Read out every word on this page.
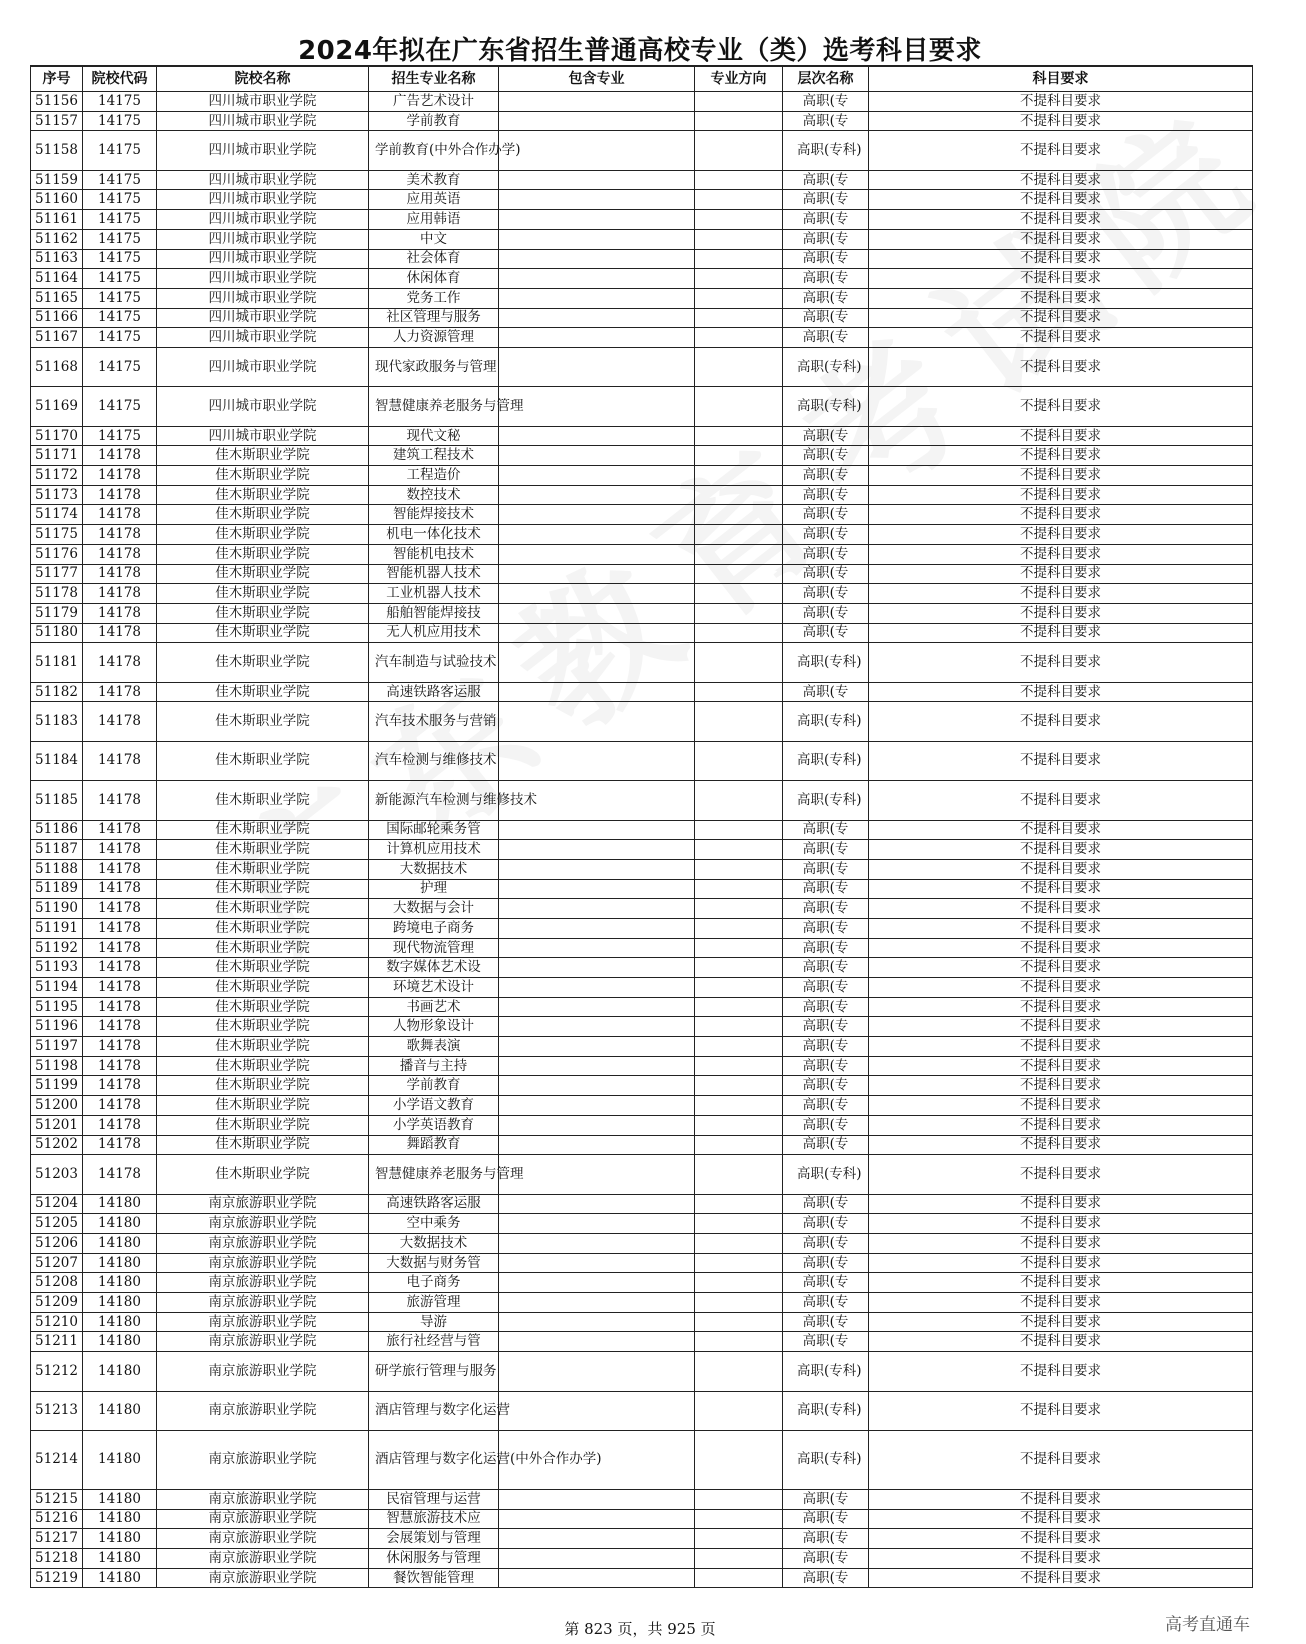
2024年拟在广东省招生普通高校专业（类）选考科目要求
序号	院校代码	院校名称	招生专业名称	包含专业	专业方向	层次名称	科目要求
51156	14175	四川城市职业学院	广告艺术设计			高职(专	不提科目要求
51157	14175	四川城市职业学院	学前教育			高职(专	不提科目要求
51158	14175	四川城市职业学院	学前教育(中外合作办学)			高职(专科)	不提科目要求
51159	14175	四川城市职业学院	美术教育			高职(专	不提科目要求
51160	14175	四川城市职业学院	应用英语			高职(专	不提科目要求
51161	14175	四川城市职业学院	应用韩语			高职(专	不提科目要求
51162	14175	四川城市职业学院	中文			高职(专	不提科目要求
51163	14175	四川城市职业学院	社会体育			高职(专	不提科目要求
51164	14175	四川城市职业学院	休闲体育			高职(专	不提科目要求
51165	14175	四川城市职业学院	党务工作			高职(专	不提科目要求
51166	14175	四川城市职业学院	社区管理与服务			高职(专	不提科目要求
51167	14175	四川城市职业学院	人力资源管理			高职(专	不提科目要求
51168	14175	四川城市职业学院	现代家政服务与管理			高职(专科)	不提科目要求
51169	14175	四川城市职业学院	智慧健康养老服务与管理			高职(专科)	不提科目要求
51170	14175	四川城市职业学院	现代文秘			高职(专	不提科目要求
51171	14178	佳木斯职业学院	建筑工程技术			高职(专	不提科目要求
51172	14178	佳木斯职业学院	工程造价			高职(专	不提科目要求
51173	14178	佳木斯职业学院	数控技术			高职(专	不提科目要求
51174	14178	佳木斯职业学院	智能焊接技术			高职(专	不提科目要求
51175	14178	佳木斯职业学院	机电一体化技术			高职(专	不提科目要求
51176	14178	佳木斯职业学院	智能机电技术			高职(专	不提科目要求
51177	14178	佳木斯职业学院	智能机器人技术			高职(专	不提科目要求
51178	14178	佳木斯职业学院	工业机器人技术			高职(专	不提科目要求
51179	14178	佳木斯职业学院	船舶智能焊接技			高职(专	不提科目要求
51180	14178	佳木斯职业学院	无人机应用技术			高职(专	不提科目要求
51181	14178	佳木斯职业学院	汽车制造与试验技术			高职(专科)	不提科目要求
51182	14178	佳木斯职业学院	高速铁路客运服			高职(专	不提科目要求
51183	14178	佳木斯职业学院	汽车技术服务与营销			高职(专科)	不提科目要求
51184	14178	佳木斯职业学院	汽车检测与维修技术			高职(专科)	不提科目要求
51185	14178	佳木斯职业学院	新能源汽车检测与维修技术			高职(专科)	不提科目要求
51186	14178	佳木斯职业学院	国际邮轮乘务管			高职(专	不提科目要求
51187	14178	佳木斯职业学院	计算机应用技术			高职(专	不提科目要求
51188	14178	佳木斯职业学院	大数据技术			高职(专	不提科目要求
51189	14178	佳木斯职业学院	护理			高职(专	不提科目要求
51190	14178	佳木斯职业学院	大数据与会计			高职(专	不提科目要求
51191	14178	佳木斯职业学院	跨境电子商务			高职(专	不提科目要求
51192	14178	佳木斯职业学院	现代物流管理			高职(专	不提科目要求
51193	14178	佳木斯职业学院	数字媒体艺术设			高职(专	不提科目要求
51194	14178	佳木斯职业学院	环境艺术设计			高职(专	不提科目要求
51195	14178	佳木斯职业学院	书画艺术			高职(专	不提科目要求
51196	14178	佳木斯职业学院	人物形象设计			高职(专	不提科目要求
51197	14178	佳木斯职业学院	歌舞表演			高职(专	不提科目要求
51198	14178	佳木斯职业学院	播音与主持			高职(专	不提科目要求
51199	14178	佳木斯职业学院	学前教育			高职(专	不提科目要求
51200	14178	佳木斯职业学院	小学语文教育			高职(专	不提科目要求
51201	14178	佳木斯职业学院	小学英语教育			高职(专	不提科目要求
51202	14178	佳木斯职业学院	舞蹈教育			高职(专	不提科目要求
51203	14178	佳木斯职业学院	智慧健康养老服务与管理			高职(专科)	不提科目要求
51204	14180	南京旅游职业学院	高速铁路客运服			高职(专	不提科目要求
51205	14180	南京旅游职业学院	空中乘务			高职(专	不提科目要求
51206	14180	南京旅游职业学院	大数据技术			高职(专	不提科目要求
51207	14180	南京旅游职业学院	大数据与财务管			高职(专	不提科目要求
51208	14180	南京旅游职业学院	电子商务			高职(专	不提科目要求
51209	14180	南京旅游职业学院	旅游管理			高职(专	不提科目要求
51210	14180	南京旅游职业学院	导游			高职(专	不提科目要求
51211	14180	南京旅游职业学院	旅行社经营与管			高职(专	不提科目要求
51212	14180	南京旅游职业学院	研学旅行管理与服务			高职(专科)	不提科目要求
51213	14180	南京旅游职业学院	酒店管理与数字化运营			高职(专科)	不提科目要求
51214	14180	南京旅游职业学院	酒店管理与数字化运营(中外合作办学)			高职(专科)	不提科目要求
51215	14180	南京旅游职业学院	民宿管理与运营			高职(专	不提科目要求
51216	14180	南京旅游职业学院	智慧旅游技术应			高职(专	不提科目要求
51217	14180	南京旅游职业学院	会展策划与管理			高职(专	不提科目要求
51218	14180	南京旅游职业学院	休闲服务与管理			高职(专	不提科目要求
51219	14180	南京旅游职业学院	餐饮智能管理			高职(专	不提科目要求
第 823 页，共 925 页	高考直通车
